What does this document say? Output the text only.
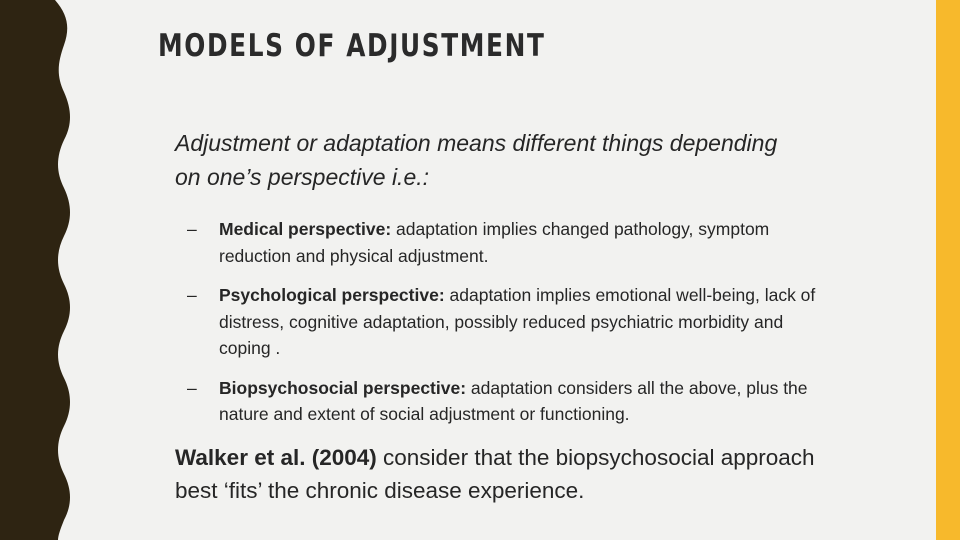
MODELS OF ADJUSTMENT
Adjustment or adaptation means different things depending on one’s perspective i.e.:
– Medical perspective: adaptation implies changed pathology, symptom reduction and physical adjustment.
– Psychological perspective: adaptation implies emotional well-being, lack of distress, cognitive adaptation, possibly reduced psychiatric morbidity and coping .
– Biopsychosocial perspective: adaptation considers all the above, plus the nature and extent of social adjustment or functioning.
Walker et al. (2004) consider that the biopsychosocial approach best ‘fits’ the chronic disease experience.
